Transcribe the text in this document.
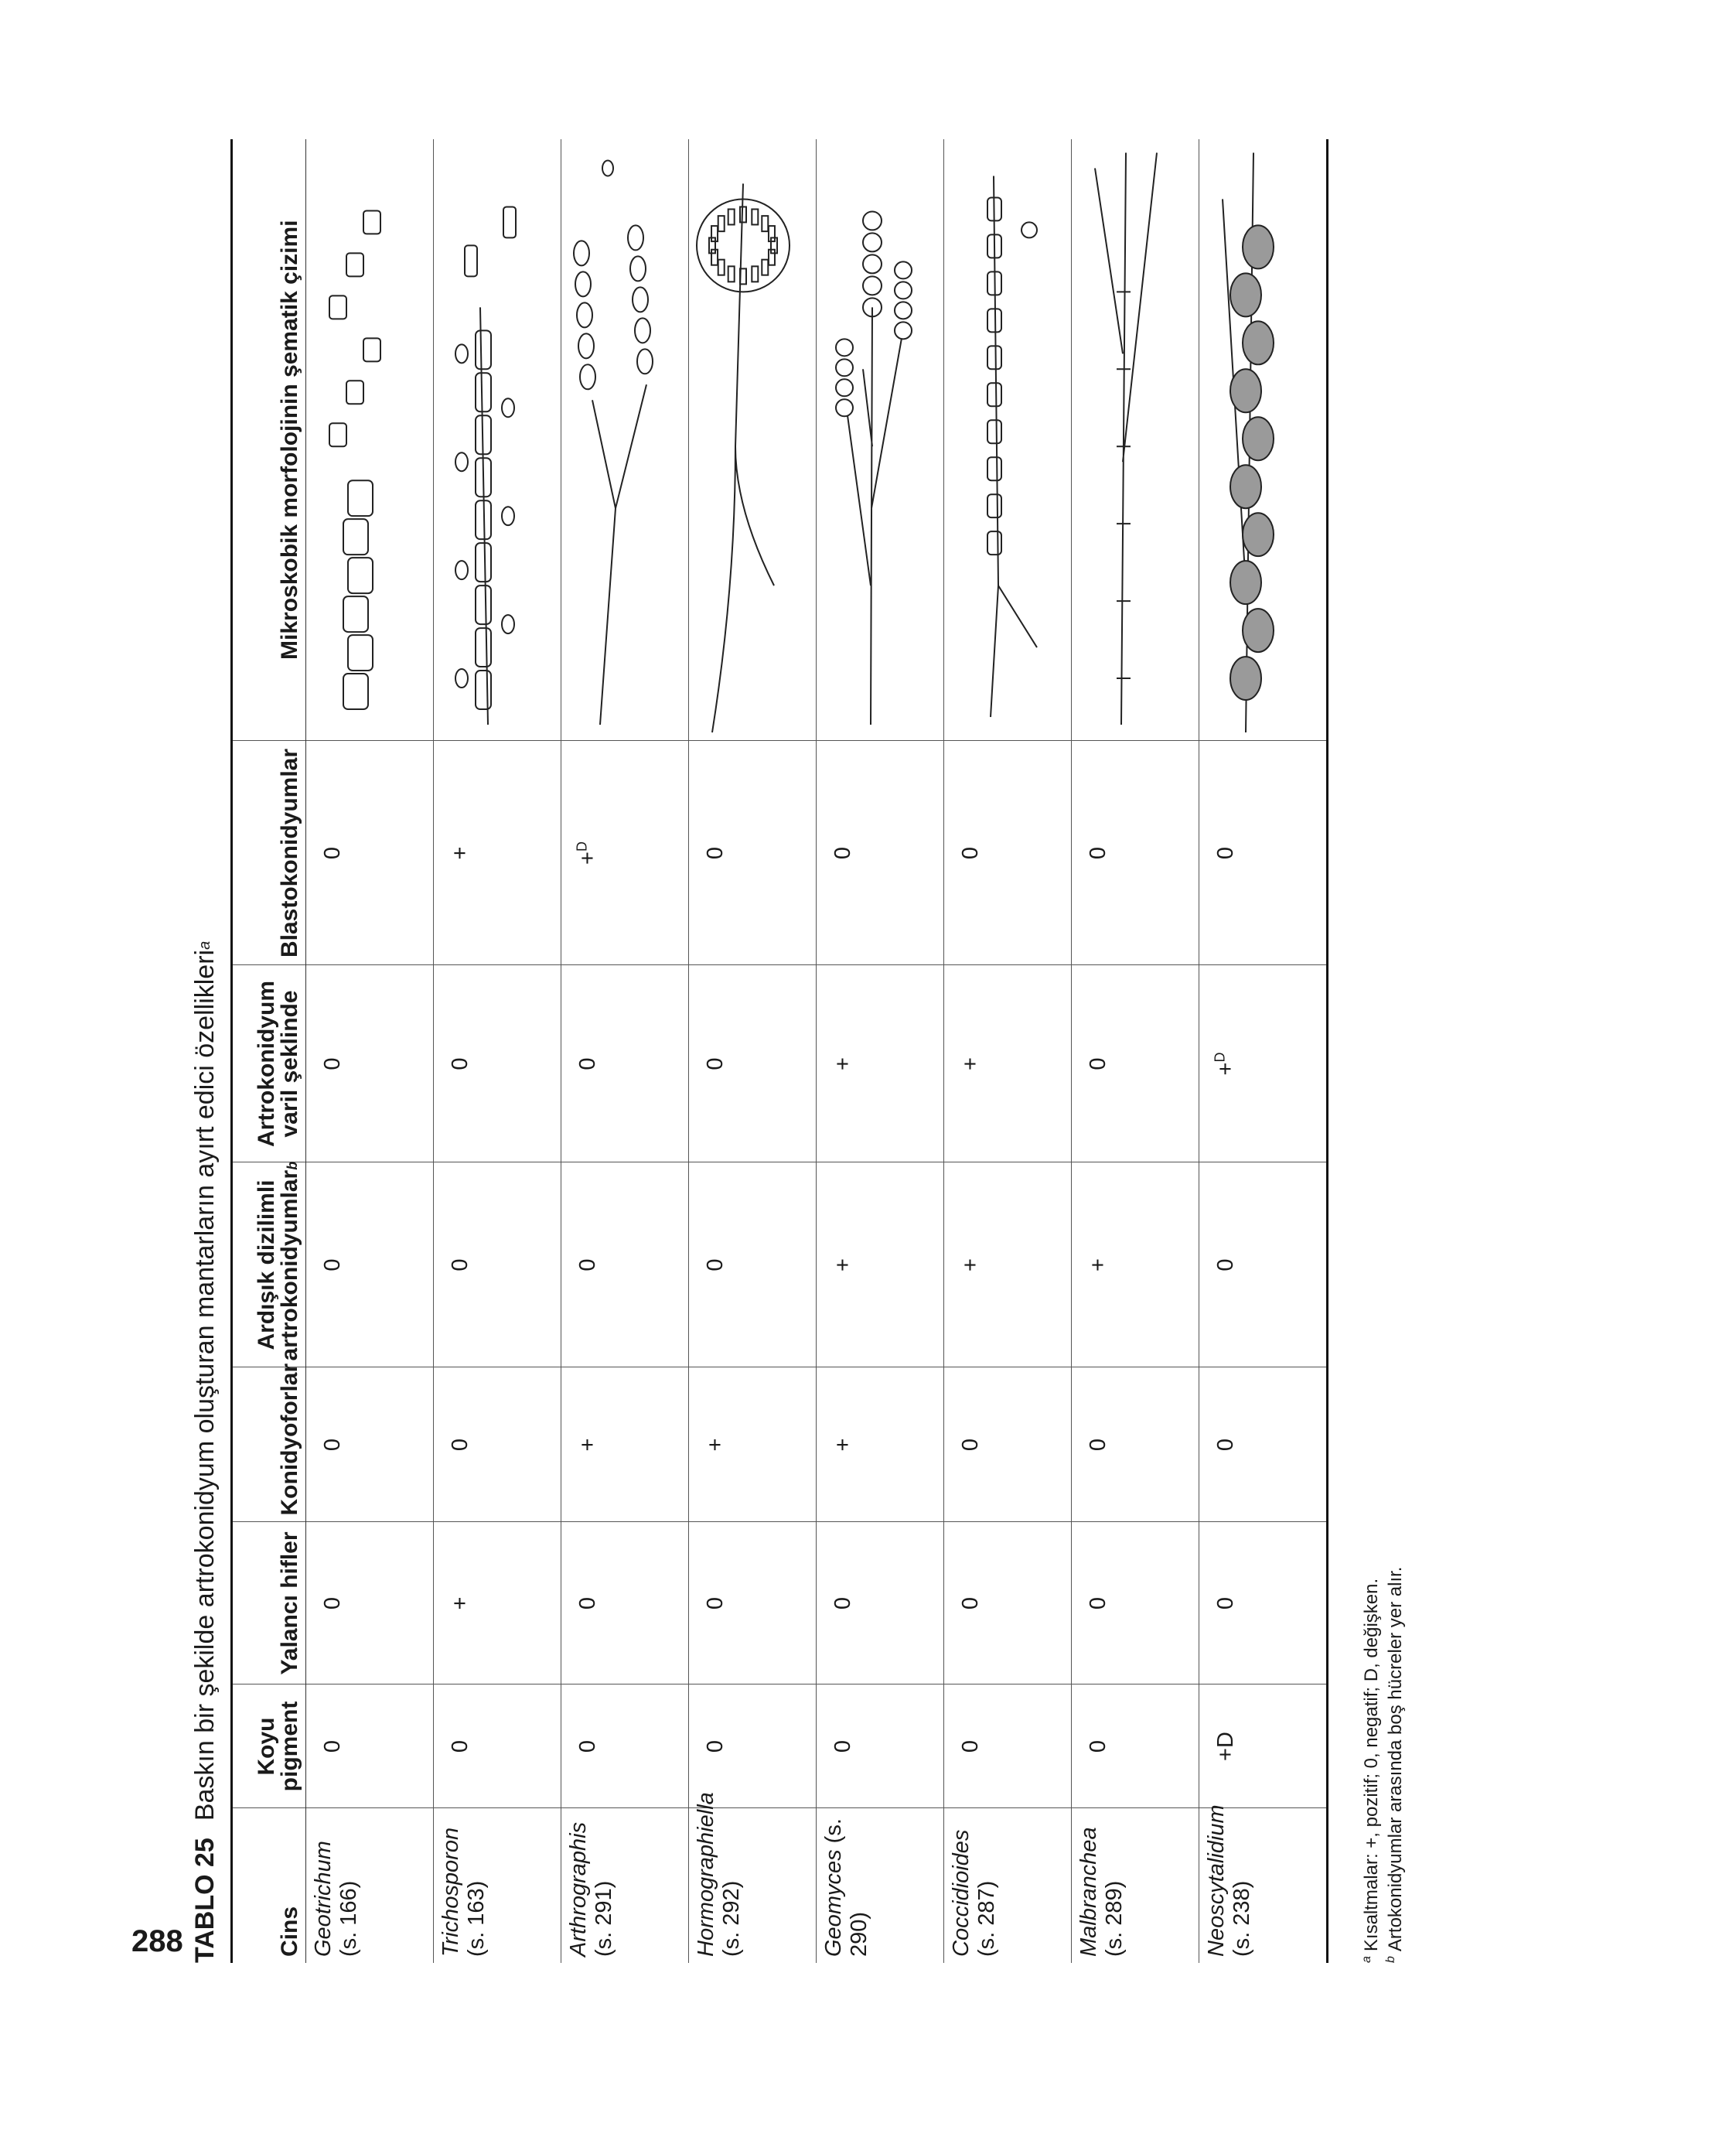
288 TABLO 25
Baskın bir şekilde artrokonidyum oluşturan mantarların ayırt edici özellikleri
a
Cins	Koyu pigment	Yalancı hifler	Konidyoforlar	Ardışık dizilimli artrokonidyumlarb	Artrokonidyum varil şeklinde	Blastokonidyumlar	Mikroskobik morfolojinin şematik çizimi
Geotrichum (s. 166)	0	0	0	0	0	0	

Trichosporon (s. 163)	0	+	0	0	0	+	

Arthrographis (s. 291)	0	0	+	0	0	+$^D$	

Hormographiella
(s. 292)	0	0	+	0	0	0	

Geomyces (s. 290)	0	0	+	+	+	0	

Coccidioides (s. 287)	0	0	0	+	+	0	

Malbranchea (s. 289)	0	0	0	+	0	0	

Neoscytalidium
(s. 238)	+D	0	0	0	+$^D$	0	
$^a$Kısaltmalar: +, pozitif; 0, negatif; D, değişken.
$^b$Artokonidyumlar arasında boş hücreler yer alır.
